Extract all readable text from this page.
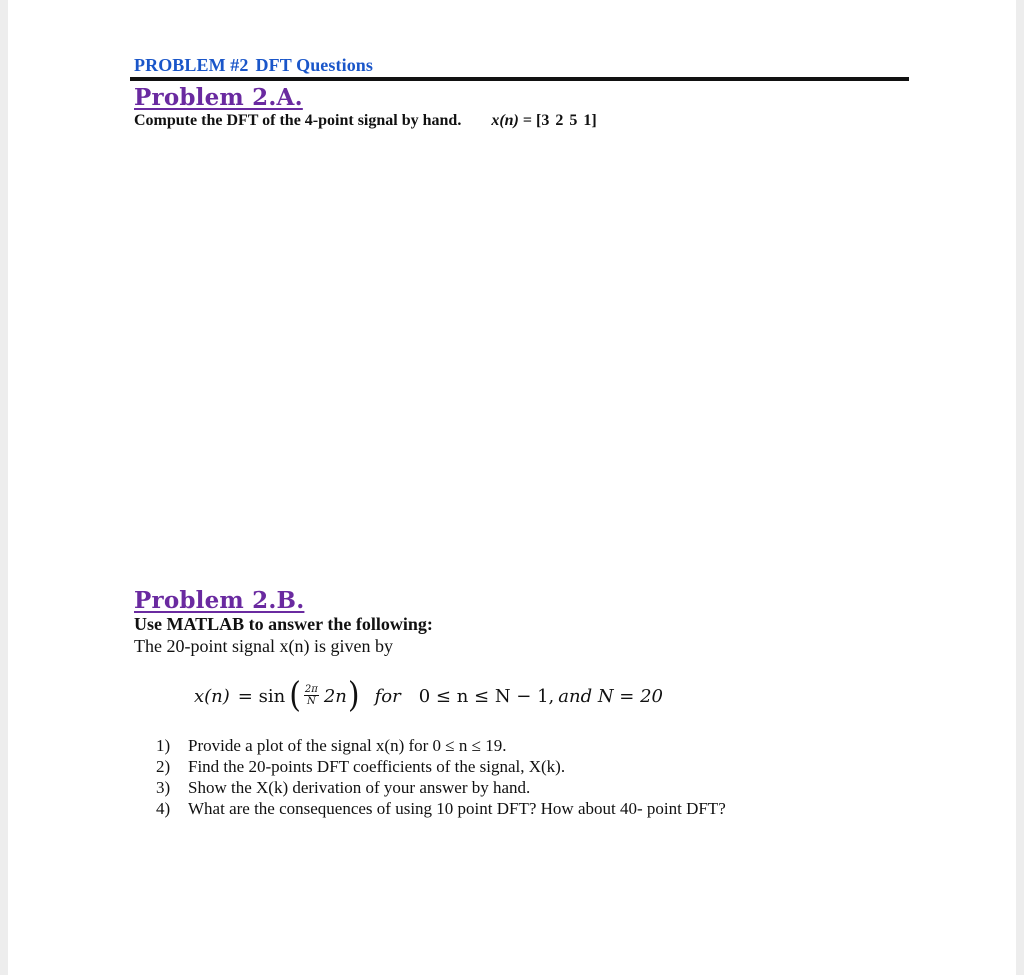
PROBLEM #2 DFT Questions
Problem 2.A.
Compute the DFT of the 4-point signal by hand. x(n) = [3 2 5 1]
Problem 2.B.
Use MATLAB to answer the following:
The 20-point signal x(n) is given by
x(n) = sin ( $\frac{2\pi}{N} 2n$ ) for 0 ≤ n ≤ N − 1, and N = 20
1) Provide a plot of the signal x(n) for 0 ≤ n ≤ 19.
2) Find the 20-points DFT coefficients of the signal, X(k).
3) Show the X(k) derivation of your answer by hand.
4) What are the consequences of using 10 point DFT? How about 40- point DFT?
